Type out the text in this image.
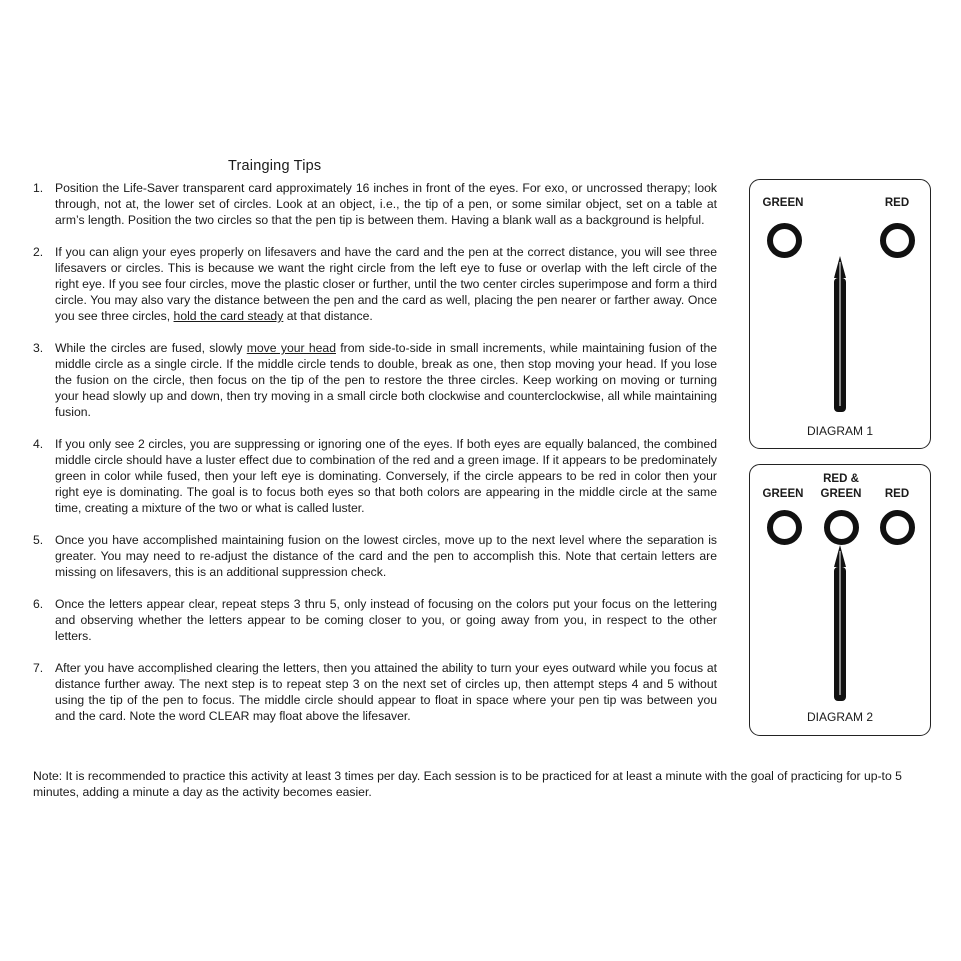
Trainging Tips
1. Position the Life-Saver transparent card approximately 16 inches in front of the eyes. For exo, or uncrossed therapy; look through, not at, the lower set of circles. Look at an object, i.e., the tip of a pen, or some similar object, set on a table at arm’s length. Position the two circles so that the pen tip is between them. Having a blank wall as a background is helpful.
2. If you can align your eyes properly on lifesavers and have the card and the pen at the correct distance, you will see three lifesavers or circles. This is because we want the right circle from the left eye to fuse or overlap with the left circle of the right eye. If you see four circles, move the plastic closer or further, until the two center circles superimpose and form a third circle. You may also vary the distance between the pen and the card as well, placing the pen nearer or farther away. Once you see three circles, hold the card steady at that distance.
3. While the circles are fused, slowly move your head from side-to-side in small increments, while maintaining fusion of the middle circle as a single circle. If the middle circle tends to double, break as one, then stop moving your head. If you lose the fusion on the circle, then focus on the tip of the pen to restore the three circles. Keep working on moving or turning your head slowly up and down, then try moving in a small circle both clockwise and counterclockwise, all while maintaining fusion.
4. If you only see 2 circles, you are suppressing or ignoring one of the eyes. If both eyes are equally balanced, the combined middle circle should have a luster effect due to combination of the red and a green image. If it appears to be predominately green in color while fused, then your left eye is dominating. Conversely, if the circle appears to be red in color then your right eye is dominating. The goal is to focus both eyes so that both colors are appearing in the middle circle at the same time, creating a mixture of the two or what is called luster.
5. Once you have accomplished maintaining fusion on the lowest circles, move up to the next level where the separation is greater. You may need to re-adjust the distance of the card and the pen to accomplish this. Note that certain letters are missing on lifesavers, this is an additional suppression check.
6. Once the letters appear clear, repeat steps 3 thru 5, only instead of focusing on the colors put your focus on the lettering and observing whether the letters appear to be coming closer to you, or going away from you, in respect to the other letters.
7. After you have accomplished clearing the letters, then you attained the ability to turn your eyes outward while you focus at distance further away. The next step is to repeat step 3 on the next set of circles up, then attempt steps 4 and 5 without using the tip of the pen to focus. The middle circle should appear to float in space where your pen tip was between you and the card. Note the word CLEAR may float above the lifesaver.

Note: It is recommended to practice this activity at least 3 times per day. Each session is to be practiced for at least a minute with the goal of practicing for up-to 5 minutes, adding a minute a day as the activity becomes easier.

GREEN	RED
DIAGRAM 1
GREEN
RED &
GREEN	RED
DIAGRAM 2
